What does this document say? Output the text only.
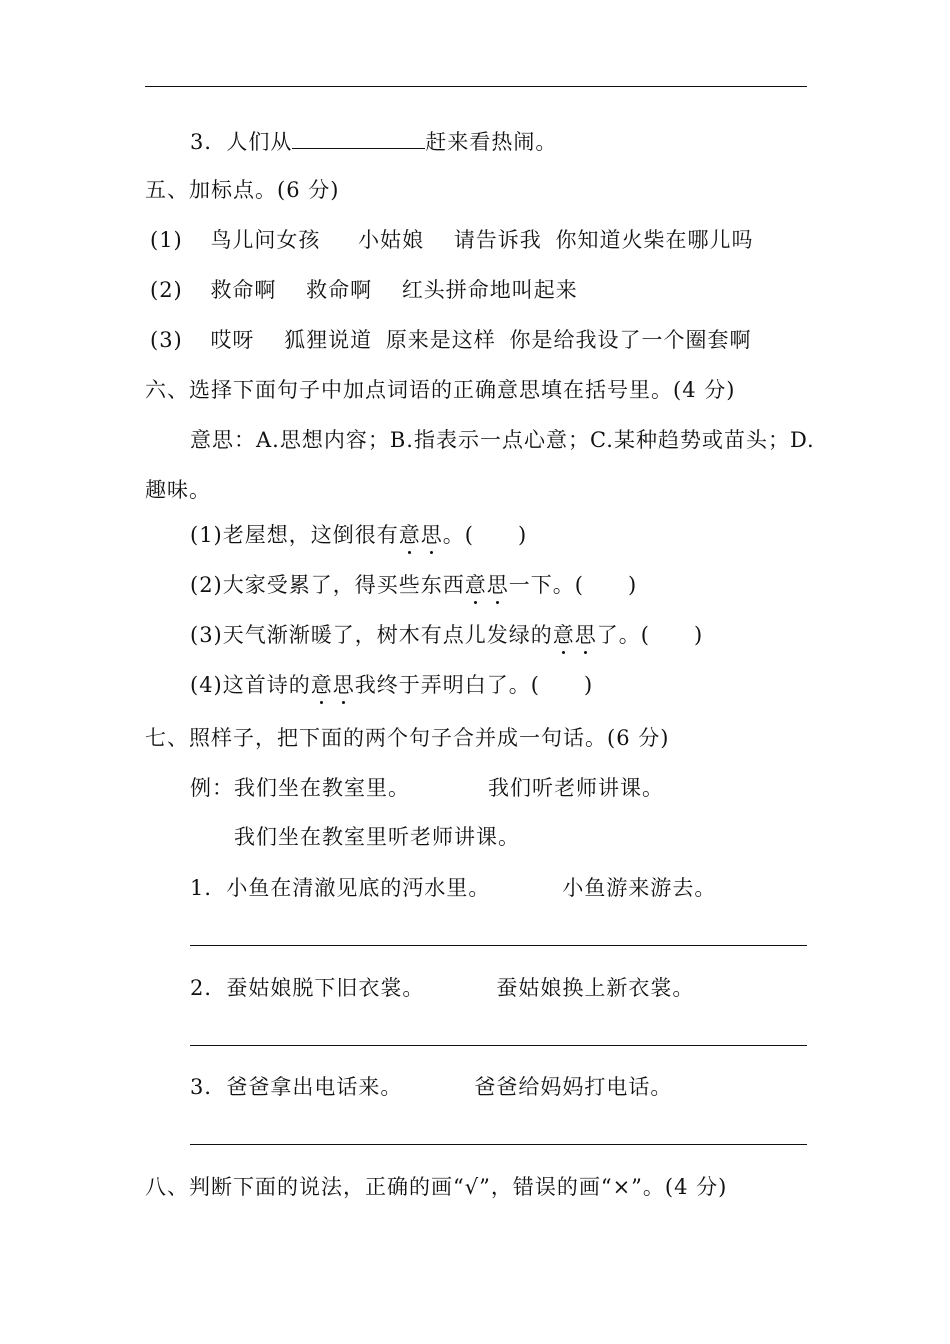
3．人们从	赶来看热闹。
五、加标点。(6 分)
(1) 鸟儿问女孩 小姑娘 请告诉我 你知道火柴在哪儿吗
(2) 救命啊 救命啊 红头拼命地叫起来
(3) 哎呀 狐狸说道 原来是这样 你是给我设了一个圈套啊
六、选择下面句子中加点词语的正确意思填在括号里。(4 分)
意思：A.思想内容；B.指表示一点心意；C.某种趋势或苗头；D.
趣味。
(1)老屋想，这倒很有意思。(　　)
(2)大家受累了，得买些东西意思一下。(　　)
(3)天气渐渐暖了，树木有点儿发绿的意思了。(　　)
(4)这首诗的意思我终于弄明白了。(　　)
七、照样子，把下面的两个句子合并成一句话。(6 分)
例：我们坐在教室里。	我们听老师讲课。
我们坐在教室里听老师讲课。
1．小鱼在清澈见底的沔水里。	小鱼游来游去。
2．蚕姑娘脱下旧衣裳。	蚕姑娘换上新衣裳。
3．爸爸拿出电话来。	爸爸给妈妈打电话。
八、判断下面的说法，正确的画“√”，错误的画“×”。(4 分)
